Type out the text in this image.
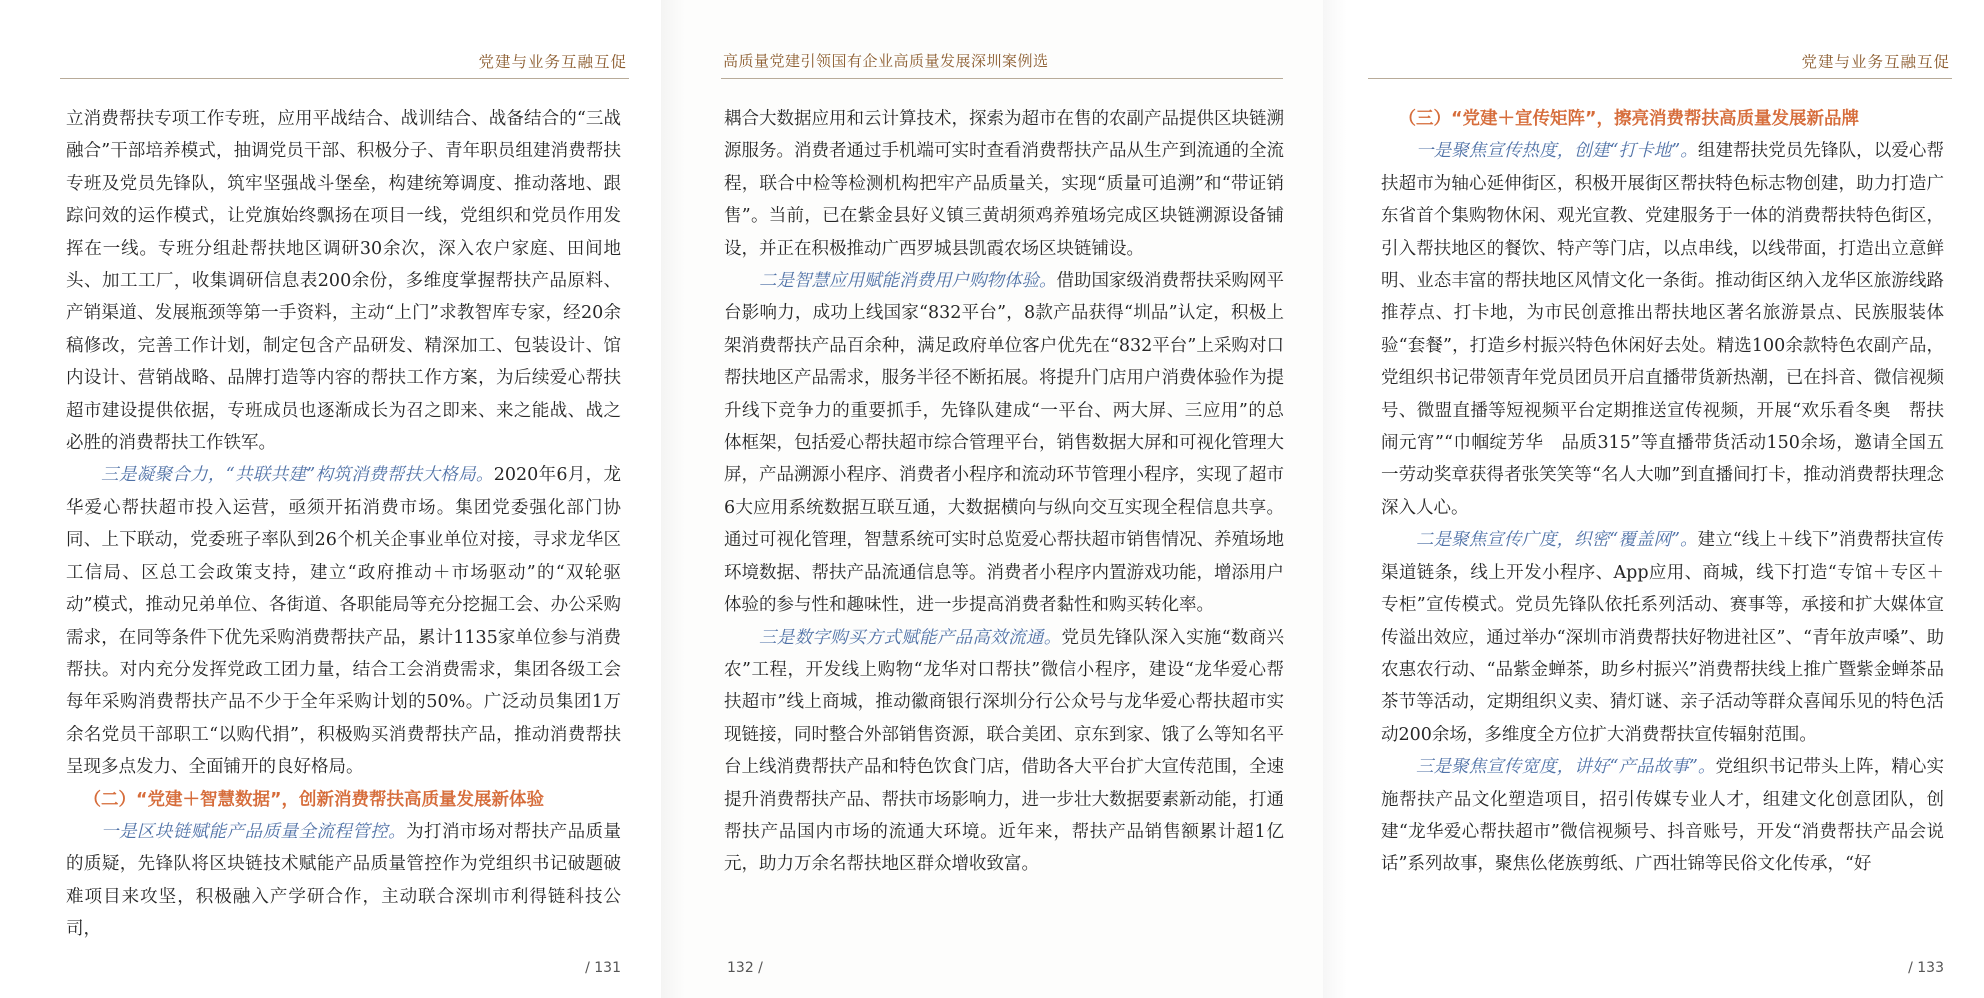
党建与业务互融互促

立消费帮扶专项工作专班，应用平战结合、战训结合、战备结合的“三战融合”干部培养模式，抽调党员干部、积极分子、青年职员组建消费帮扶专班及党员先锋队，筑牢坚强战斗堡垒，构建统筹调度、推动落地、跟踪问效的运作模式，让党旗始终飘扬在项目一线，党组织和党员作用发挥在一线。专班分组赴帮扶地区调研30余次，深入农户家庭、田间地头、加工工厂，收集调研信息表200余份，多维度掌握帮扶产品原料、产销渠道、发展瓶颈等第一手资料，主动“上门”求教智库专家，经20余稿修改，完善工作计划，制定包含产品研发、精深加工、包装设计、馆内设计、营销战略、品牌打造等内容的帮扶工作方案，为后续爱心帮扶超市建设提供依据，专班成员也逐渐成长为召之即来、来之能战、战之必胜的消费帮扶工作铁军。

三是凝聚合力，“共联共建”构筑消费帮扶大格局。2020年6月，龙华爱心帮扶超市投入运营，亟须开拓消费市场。集团党委强化部门协同、上下联动，党委班子率队到26个机关企事业单位对接，寻求龙华区工信局、区总工会政策支持，建立“政府推动＋市场驱动”的“双轮驱动”模式，推动兄弟单位、各街道、各职能局等充分挖掘工会、办公采购需求，在同等条件下优先采购消费帮扶产品，累计1135家单位参与消费帮扶。对内充分发挥党政工团力量，结合工会消费需求，集团各级工会每年采购消费帮扶产品不少于全年采购计划的50%。广泛动员集团1万余名党员干部职工“以购代捐”，积极购买消费帮扶产品，推动消费帮扶呈现多点发力、全面铺开的良好格局。

（二）“党建＋智慧数据”，创新消费帮扶高质量发展新体验

一是区块链赋能产品质量全流程管控。为打消市场对帮扶产品质量的质疑，先锋队将区块链技术赋能产品质量管控作为党组织书记破题破难项目来攻坚，积极融入产学研合作，主动联合深圳市利得链科技公司，

/ 131
高质量党建引领国有企业高质量发展深圳案例选

耦合大数据应用和云计算技术，探索为超市在售的农副产品提供区块链溯源服务。消费者通过手机端可实时查看消费帮扶产品从生产到流通的全流程，联合中检等检测机构把牢产品质量关，实现“质量可追溯”和“带证销售”。当前，已在紫金县好义镇三黄胡须鸡养殖场完成区块链溯源设备铺设，并正在积极推动广西罗城县凯霞农场区块链铺设。

二是智慧应用赋能消费用户购物体验。借助国家级消费帮扶采购网平台影响力，成功上线国家“832平台”，8款产品获得“圳品”认定，积极上架消费帮扶产品百余种，满足政府单位客户优先在“832平台”上采购对口帮扶地区产品需求，服务半径不断拓展。将提升门店用户消费体验作为提升线下竞争力的重要抓手，先锋队建成“一平台、两大屏、三应用”的总体框架，包括爱心帮扶超市综合管理平台，销售数据大屏和可视化管理大屏，产品溯源小程序、消费者小程序和流动环节管理小程序，实现了超市6大应用系统数据互联互通，大数据横向与纵向交互实现全程信息共享。通过可视化管理，智慧系统可实时总览爱心帮扶超市销售情况、养殖场地环境数据、帮扶产品流通信息等。消费者小程序内置游戏功能，增添用户体验的参与性和趣味性，进一步提高消费者黏性和购买转化率。

三是数字购买方式赋能产品高效流通。党员先锋队深入实施“数商兴农”工程，开发线上购物“龙华对口帮扶”微信小程序，建设“龙华爱心帮扶超市”线上商城，推动徽商银行深圳分行公众号与龙华爱心帮扶超市实现链接，同时整合外部销售资源，联合美团、京东到家、饿了么等知名平台上线消费帮扶产品和特色饮食门店，借助各大平台扩大宣传范围，全速提升消费帮扶产品、帮扶市场影响力，进一步壮大数据要素新动能，打通帮扶产品国内市场的流通大环境。近年来，帮扶产品销售额累计超1亿元，助力万余名帮扶地区群众增收致富。

132 /
党建与业务互融互促
（三）“党建＋宣传矩阵”，擦亮消费帮扶高质量发展新品牌

一是聚焦宣传热度，创建“打卡地”。组建帮扶党员先锋队，以爱心帮扶超市为轴心延伸街区，积极开展街区帮扶特色标志物创建，助力打造广东省首个集购物休闲、观光宣教、党建服务于一体的消费帮扶特色街区，引入帮扶地区的餐饮、特产等门店，以点串线，以线带面，打造出立意鲜明、业态丰富的帮扶地区风情文化一条街。推动街区纳入龙华区旅游线路推荐点、打卡地，为市民创意推出帮扶地区著名旅游景点、民族服装体验“套餐”，打造乡村振兴特色休闲好去处。精选100余款特色农副产品，党组织书记带领青年党员团员开启直播带货新热潮，已在抖音、微信视频号、微盟直播等短视频平台定期推送宣传视频，开展“欢乐看冬奥　帮扶闹元宵”“巾帼绽芳华　品质315”等直播带货活动150余场，邀请全国五一劳动奖章获得者张笑笑等“名人大咖”到直播间打卡，推动消费帮扶理念深入人心。

二是聚焦宣传广度，织密“覆盖网”。建立“线上＋线下”消费帮扶宣传渠道链条，线上开发小程序、App应用、商城，线下打造“专馆＋专区＋专柜”宣传模式。党员先锋队依托系列活动、赛事等，承接和扩大媒体宣传溢出效应，通过举办“深圳市消费帮扶好物进社区”、“青年放声嗓”、助农惠农行动、“品紫金蝉茶，助乡村振兴”消费帮扶线上推广暨紫金蝉茶品茶节等活动，定期组织义卖、猜灯谜、亲子活动等群众喜闻乐见的特色活动200余场，多维度全方位扩大消费帮扶宣传辐射范围。

三是聚焦宣传宽度，讲好“产品故事”。党组织书记带头上阵，精心实施帮扶产品文化塑造项目，招引传媒专业人才，组建文化创意团队，创建“龙华爱心帮扶超市”微信视频号、抖音账号，开发“消费帮扶产品会说话”系列故事，聚焦仫佬族剪纸、广西壮锦等民俗文化传承，“好

/ 133
